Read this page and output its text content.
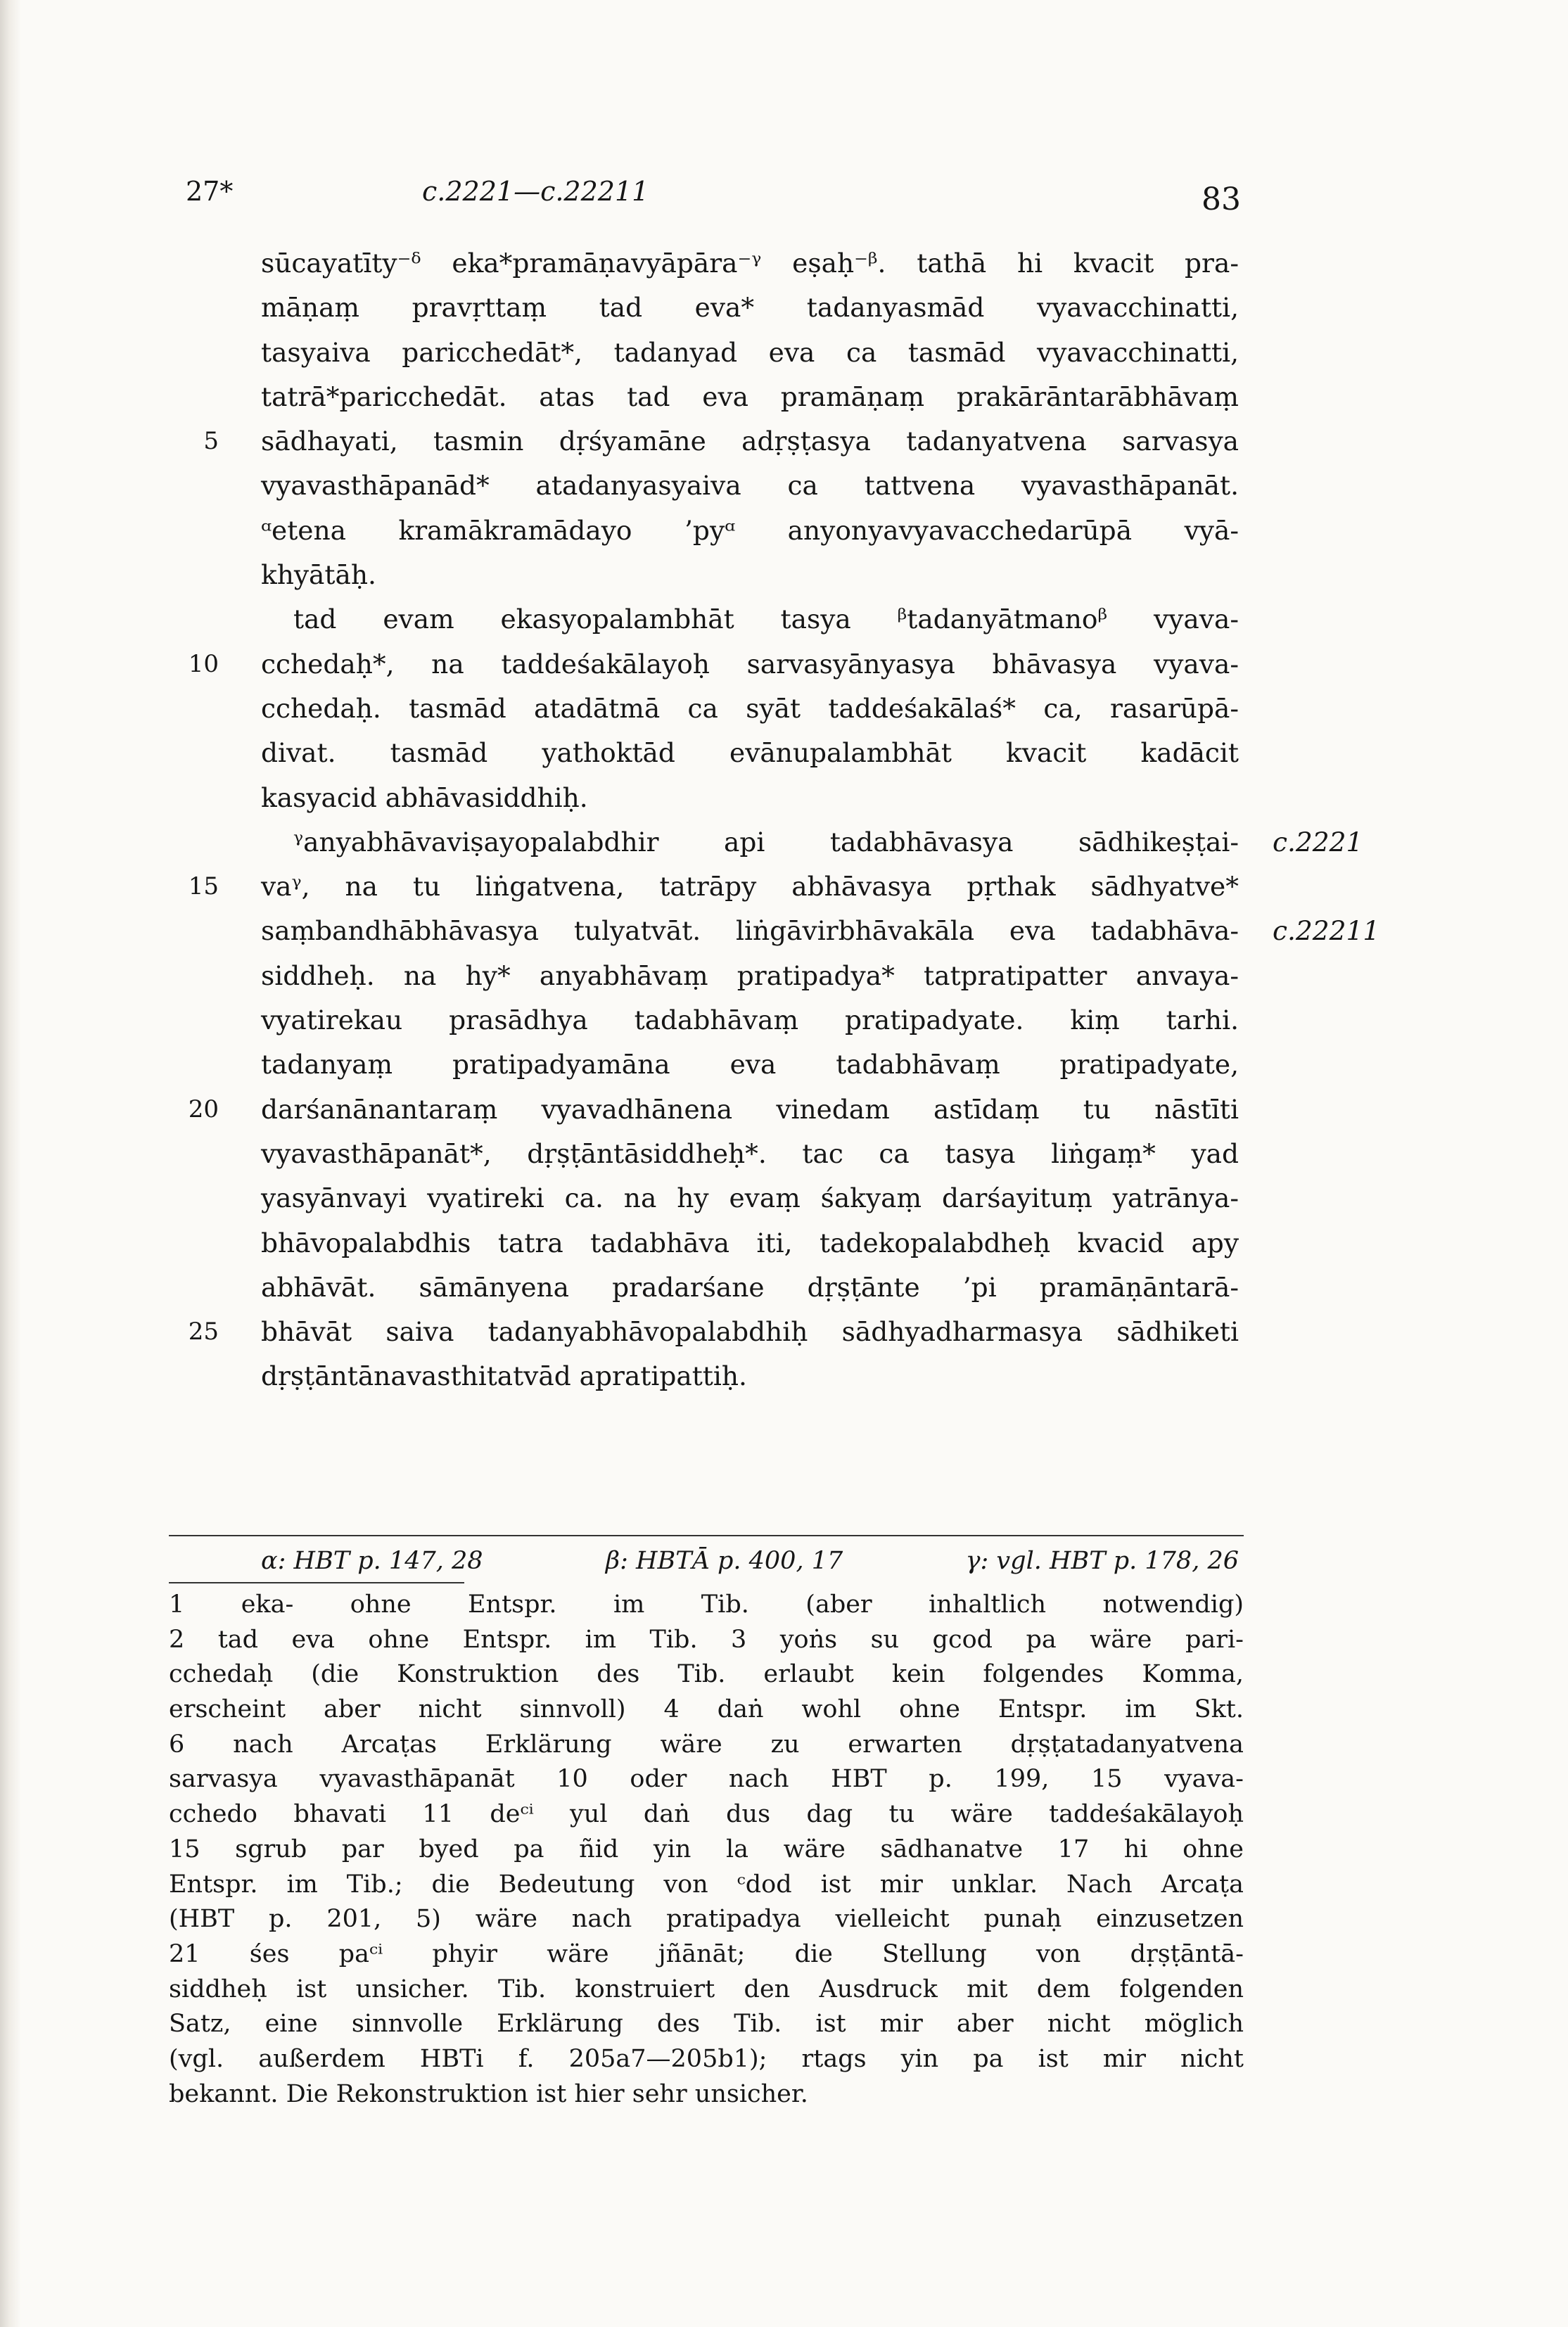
27*	c.2221—c.22211	83
sūcayatīty⁻ᵟ eka*pramāṇavyāpāra⁻ᵞ eṣaḥ⁻ᵝ. tathā hi kvacit pra-
māṇaṃ pravṛttaṃ tad eva* tadanyasmād vyavacchinatti,
tasyaiva paricchedāt*, tadanyad eva ca tasmād vyavacchinatti,
tatrā*paricchedāt. atas tad eva pramāṇaṃ prakārāntarābhāvaṃ
5 sādhayati, tasmin dṛśyamāne adṛṣṭasya tadanyatvena sarvasya
vyavasthāpanād* atadanyasyaiva ca tattvena vyavasthāpanāt.
ᵅetena kramākramādayo ’pyᵅ anyonyavyavacchedarūpā vyā-
khyātāḥ.
tad evam ekasyopalambhāt tasya ᵝtadanyātmanoᵝ vyava-
10 cchedaḥ*, na taddeśakālayoḥ sarvasyānyasya bhāvasya vyava-
cchedaḥ. tasmād atadātmā ca syāt taddeśakālaś* ca, rasarūpā-
divat. tasmād yathoktād evānupalambhāt kvacit kadācit
kasyacid abhāvasiddhiḥ.
ᵞanyabhāvaviṣayopalabdhir api tadabhāvasya sādhikeṣṭai- c.2221
15 vaᵞ, na tu liṅgatvena, tatrāpy abhāvasya pṛthak sādhyatve*
saṃbandhābhāvasya tulyatvāt. liṅgāvirbhāvakāla eva tadabhāva- c.22211
siddheḥ. na hy* anyabhāvaṃ pratipadya* tatpratipatter anvaya-
vyatirekau prasādhya tadabhāvaṃ pratipadyate. kiṃ tarhi.
tadanyaṃ pratipadyamāna eva tadabhāvaṃ pratipadyate,
20 darśanānantaraṃ vyavadhānena vinedam astīdaṃ tu nāstīti
vyavasthāpanāt*, dṛṣṭāntāsiddheḥ*. tac ca tasya liṅgaṃ* yad
yasyānvayi vyatireki ca. na hy evaṃ śakyaṃ darśayituṃ yatrānya-
bhāvopalabdhis tatra tadabhāva iti, tadekopalabdheḥ kvacid apy
abhāvāt. sāmānyena pradarśane dṛṣṭānte ’pi pramāṇāntarā-
25 bhāvāt saiva tadanyabhāvopalabdhiḥ sādhyadharmasya sādhiketi
dṛṣṭāntānavasthitatvād apratipattiḥ.
α: HBT p. 147, 28	β: HBTĀ p. 400, 17	γ: vgl. HBT p. 178, 26
1 eka- ohne Entspr. im Tib. (aber inhaltlich notwendig)
2 tad eva ohne Entspr. im Tib. 3 yoṅs su gcod pa wäre pari-
cchedaḥ (die Konstruktion des Tib. erlaubt kein folgendes Komma,
erscheint aber nicht sinnvoll) 4 daṅ wohl ohne Entspr. im Skt.
6 nach Arcaṭas Erklärung wäre zu erwarten dṛṣṭatadanyatvena
sarvasya vyavasthāpanāt 10 oder nach HBT p. 199, 15 vyava-
cchedo bhavati 11 deᶜⁱ yul daṅ dus dag tu wäre taddeśakālayoḥ
15 sgrub par byed pa ñid yin la wäre sādhanatve 17 hi ohne
Entspr. im Tib.; die Bedeutung von ᶜdod ist mir unklar. Nach Arcaṭa
(HBT p. 201, 5) wäre nach pratipadya vielleicht punaḥ einzusetzen
21 śes paᶜⁱ phyir wäre jñānāt; die Stellung von dṛṣṭāntā-
siddheḥ ist unsicher. Tib. konstruiert den Ausdruck mit dem folgenden
Satz, eine sinnvolle Erklärung des Tib. ist mir aber nicht möglich
(vgl. außerdem HBTi f. 205a7—205b1); rtags yin pa ist mir nicht
bekannt. Die Rekonstruktion ist hier sehr unsicher.
